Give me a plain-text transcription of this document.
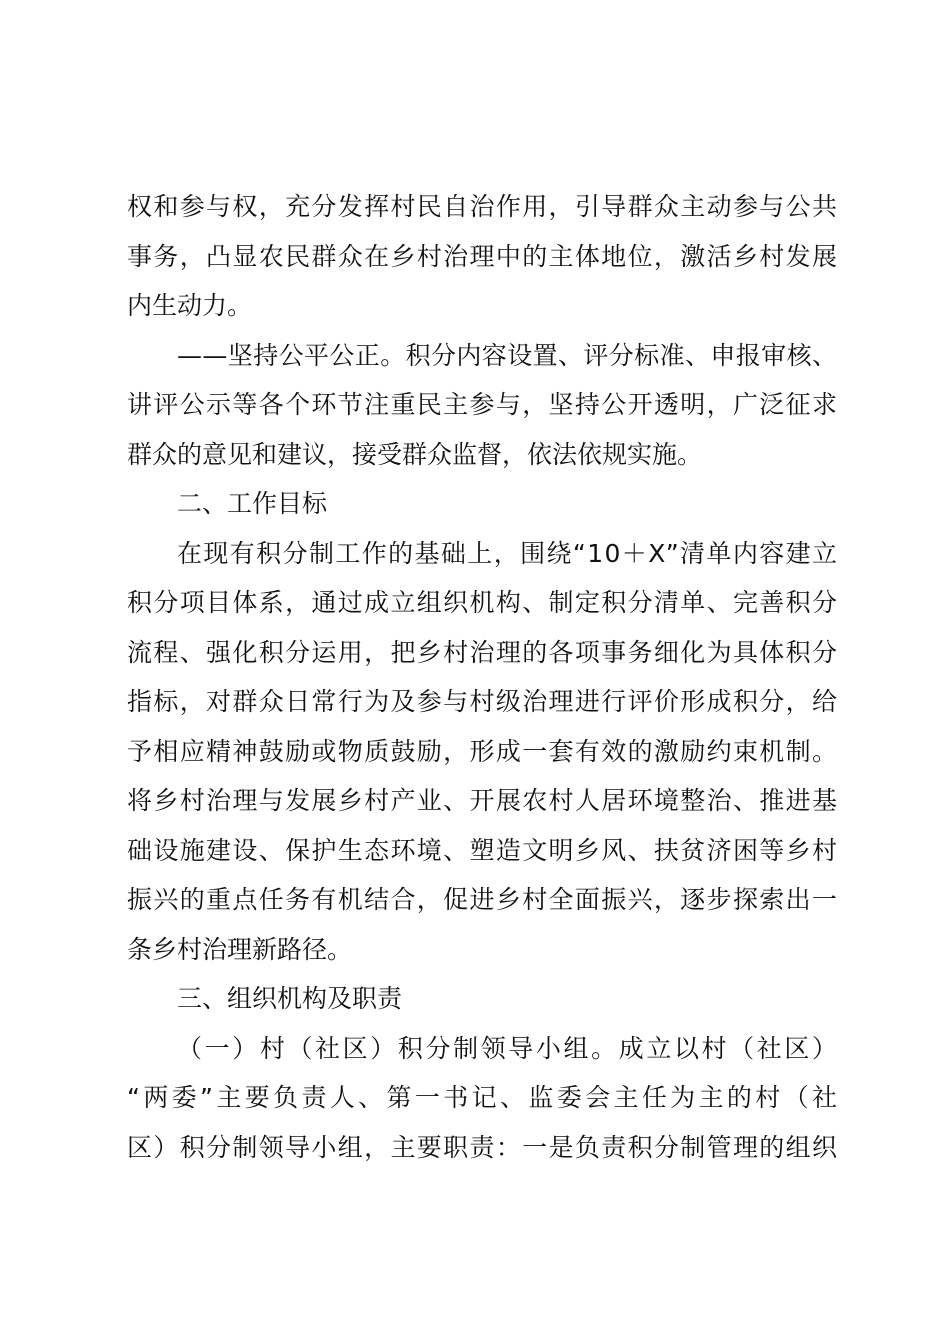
权和参与权，充分发挥村民自治作用，引导群众主动参与公共
事务，凸显农民群众在乡村治理中的主体地位，激活乡村发展
内生动力。
——坚持公平公正。积分内容设置、评分标准、申报审核、
讲评公示等各个环节注重民主参与，坚持公开透明，广泛征求
群众的意见和建议，接受群众监督，依法依规实施。
二、工作目标
在现有积分制工作的基础上，围绕“10＋X”清单内容建立
积分项目体系，通过成立组织机构、制定积分清单、完善积分
流程、强化积分运用，把乡村治理的各项事务细化为具体积分
指标，对群众日常行为及参与村级治理进行评价形成积分，给
予相应精神鼓励或物质鼓励，形成一套有效的激励约束机制。
将乡村治理与发展乡村产业、开展农村人居环境整治、推进基
础设施建设、保护生态环境、塑造文明乡风、扶贫济困等乡村
振兴的重点任务有机结合，促进乡村全面振兴，逐步探索出一
条乡村治理新路径。
三、组织机构及职责
（一）村（社区）积分制领导小组。成立以村（社区）
“两委”主要负责人、第一书记、监委会主任为主的村（社
区）积分制领导小组，主要职责：一是负责积分制管理的组织
